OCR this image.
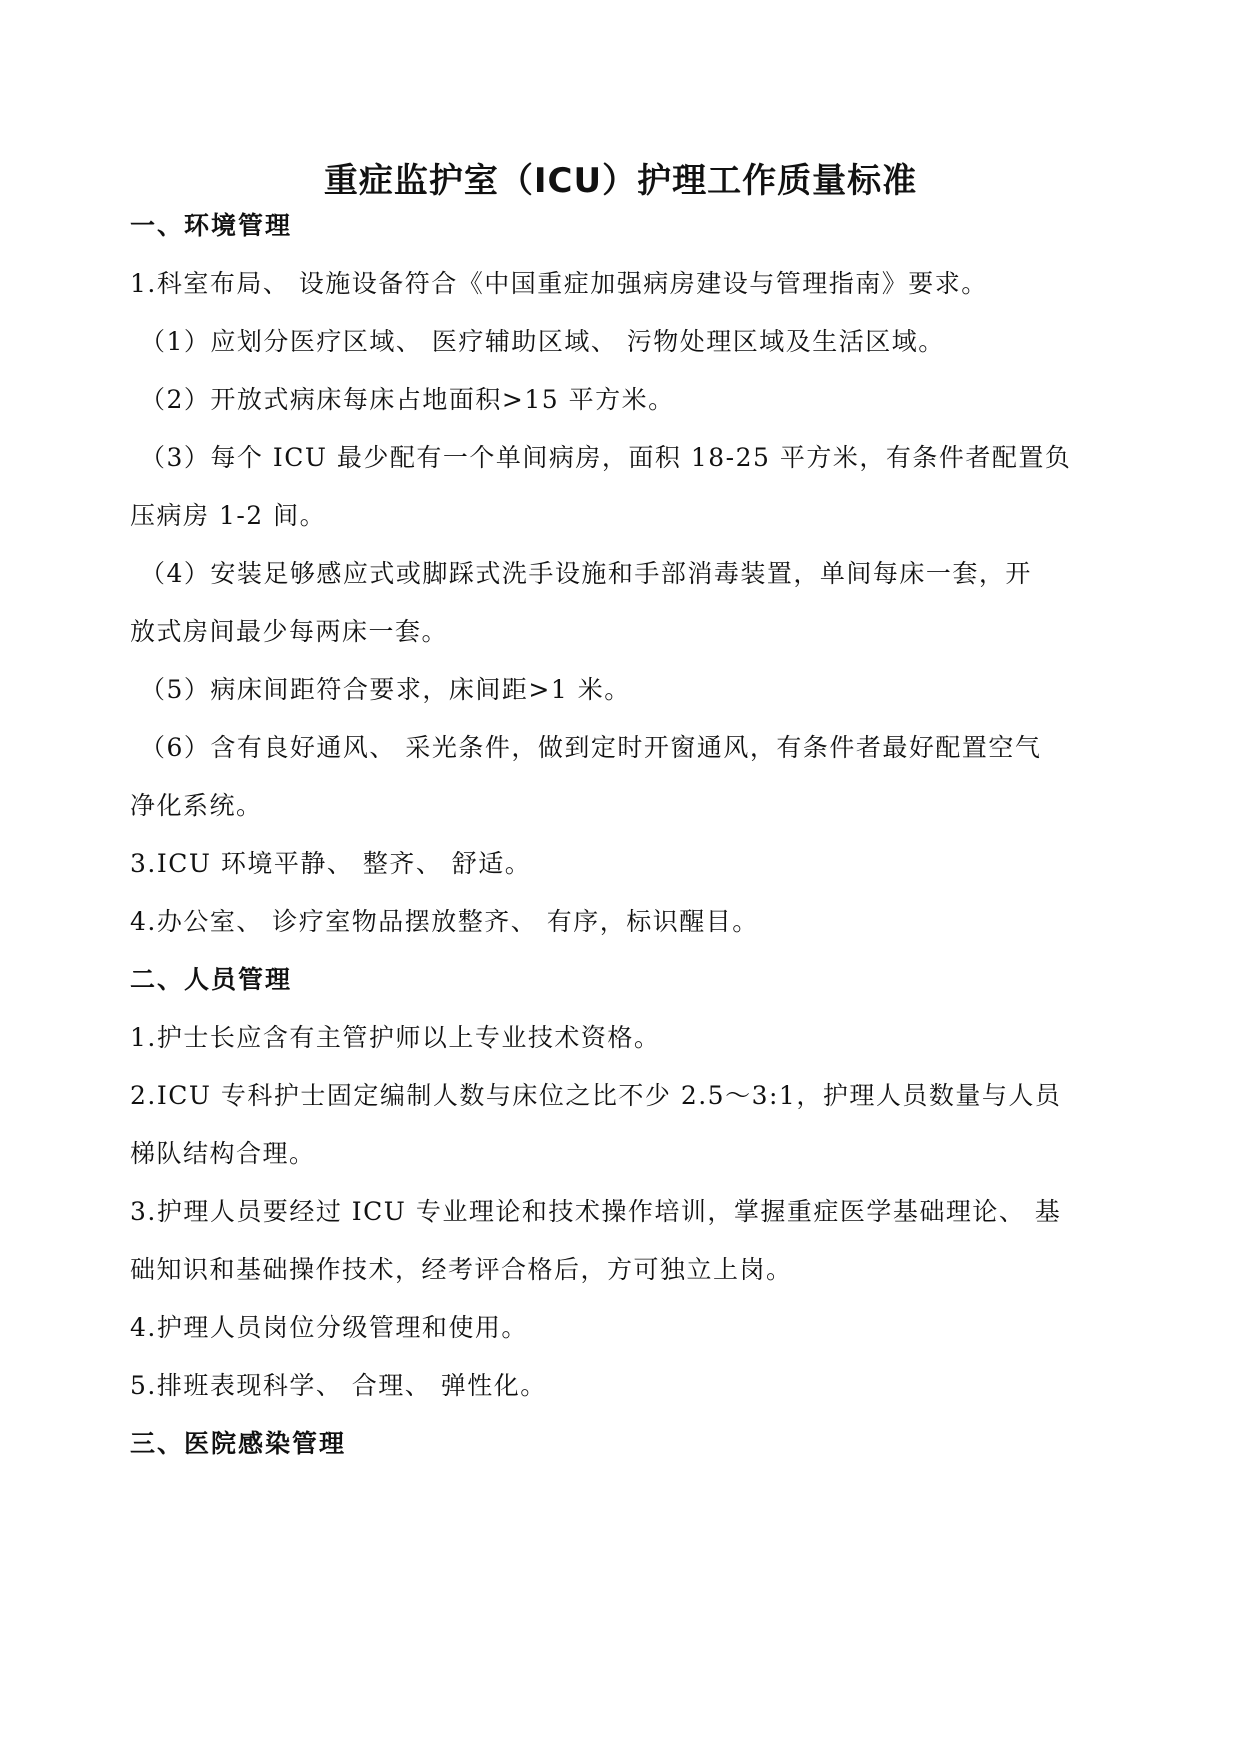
重症监护室（ICU）护理工作质量标准
一、环境管理
1.科室布局、 设施设备符合《中国重症加强病房建设与管理指南》要求。
（1）应划分医疗区域、 医疗辅助区域、 污物处理区域及生活区域。
（2）开放式病床每床占地面积>15 平方米。
（3）每个 ICU 最少配有一个单间病房，面积 18-25 平方米，有条件者配置负
压病房 1-2 间。
（4）安装足够感应式或脚踩式洗手设施和手部消毒装置，单间每床一套，开
放式房间最少每两床一套。
（5）病床间距符合要求，床间距>1 米。
（6）含有良好通风、 采光条件，做到定时开窗通风，有条件者最好配置空气
净化系统。
3.ICU 环境平静、 整齐、 舒适。
4.办公室、 诊疗室物品摆放整齐、 有序，标识醒目。
二、人员管理
1.护士长应含有主管护师以上专业技术资格。
2.ICU 专科护士固定编制人数与床位之比不少 2.5～3:1，护理人员数量与人员
梯队结构合理。
3.护理人员要经过 ICU 专业理论和技术操作培训，掌握重症医学基础理论、 基
础知识和基础操作技术，经考评合格后，方可独立上岗。
4.护理人员岗位分级管理和使用。
5.排班表现科学、 合理、 弹性化。
三、医院感染管理
